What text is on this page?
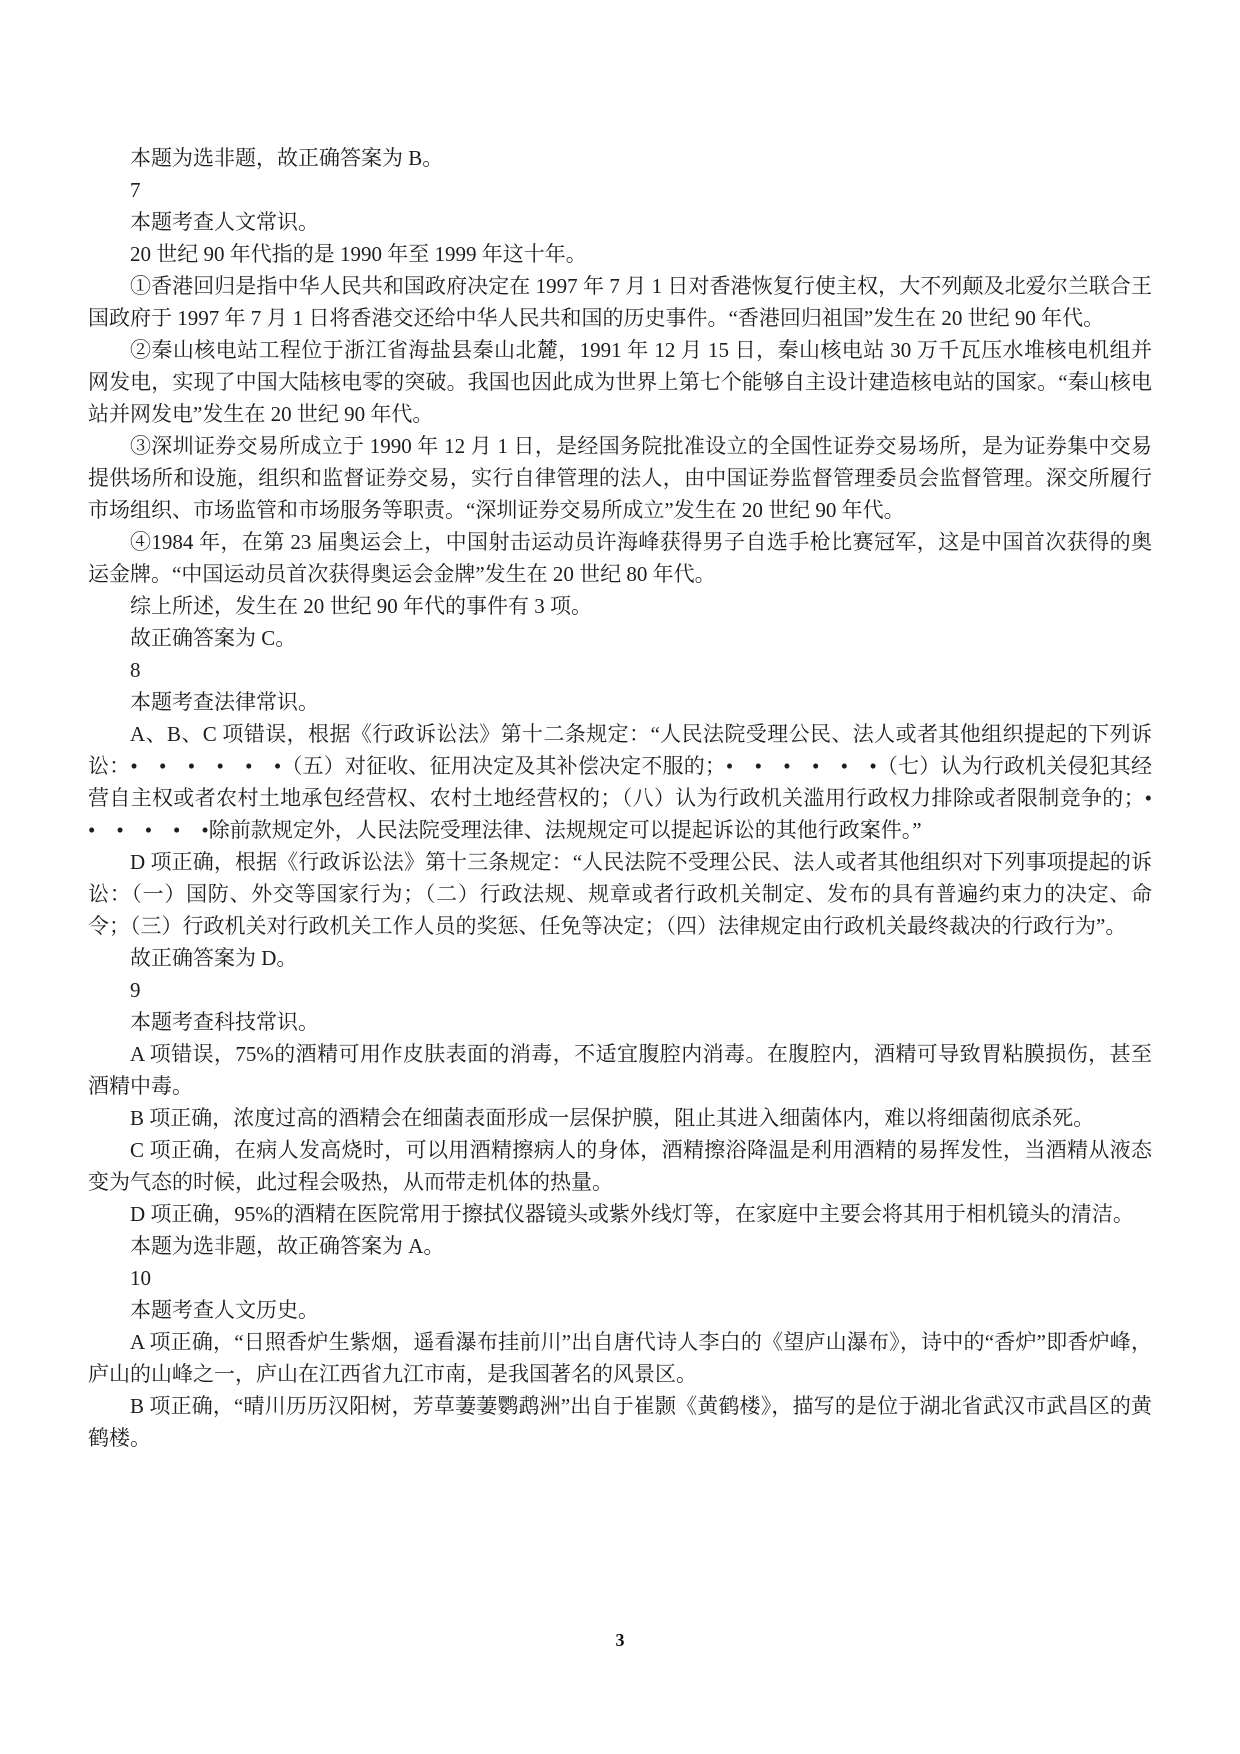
本题为选非题，故正确答案为 B。

7

本题考查人文常识。

20 世纪 90 年代指的是 1990 年至 1999 年这十年。

①香港回归是指中华人民共和国政府决定在 1997 年 7 月 1 日对香港恢复行使主权，大不列颠及北爱尔兰联合王国政府于 1997 年 7 月 1 日将香港交还给中华人民共和国的历史事件。“香港回归祖国”发生在 20 世纪 90 年代。

②秦山核电站工程位于浙江省海盐县秦山北麓，1991 年 12 月 15 日，秦山核电站 30 万千瓦压水堆核电机组并网发电，实现了中国大陆核电零的突破。我国也因此成为世界上第七个能够自主设计建造核电站的国家。“秦山核电站并网发电”发生在 20 世纪 90 年代。

③深圳证券交易所成立于 1990 年 12 月 1 日，是经国务院批准设立的全国性证券交易场所，是为证券集中交易提供场所和设施，组织和监督证券交易，实行自律管理的法人，由中国证券监督管理委员会监督管理。深交所履行市场组织、市场监管和市场服务等职责。“深圳证券交易所成立”发生在 20 世纪 90 年代。

④1984 年，在第 23 届奥运会上，中国射击运动员许海峰获得男子自选手枪比赛冠军，这是中国首次获得的奥运金牌。“中国运动员首次获得奥运会金牌”发生在 20 世纪 80 年代。

综上所述，发生在 20 世纪 90 年代的事件有 3 项。

故正确答案为 C。

8

本题考查法律常识。

A、B、C 项错误，根据《行政诉讼法》第十二条规定：“人民法院受理公民、法人或者其他组织提起的下列诉讼：•　•　•　•　•　•（五）对征收、征用决定及其补偿决定不服的；•　•　•　•　•　•（七）认为行政机关侵犯其经营自主权或者农村土地承包经营权、农村土地经营权的；（八）认为行政机关滥用行政权力排除或者限制竞争的；•　•　•　•　•　•除前款规定外，人民法院受理法律、法规规定可以提起诉讼的其他行政案件。”

D 项正确，根据《行政诉讼法》第十三条规定：“人民法院不受理公民、法人或者其他组织对下列事项提起的诉讼：（一）国防、外交等国家行为；（二）行政法规、规章或者行政机关制定、发布的具有普遍约束力的决定、命令；（三）行政机关对行政机关工作人员的奖惩、任免等决定；（四）法律规定由行政机关最终裁决的行政行为”。

故正确答案为 D。

9

本题考查科技常识。

A 项错误，75%的酒精可用作皮肤表面的消毒，不适宜腹腔内消毒。在腹腔内，酒精可导致胃粘膜损伤，甚至酒精中毒。

B 项正确，浓度过高的酒精会在细菌表面形成一层保护膜，阻止其进入细菌体内，难以将细菌彻底杀死。

C 项正确，在病人发高烧时，可以用酒精擦病人的身体，酒精擦浴降温是利用酒精的易挥发性，当酒精从液态变为气态的时候，此过程会吸热，从而带走机体的热量。

D 项正确，95%的酒精在医院常用于擦拭仪器镜头或紫外线灯等，在家庭中主要会将其用于相机镜头的清洁。

本题为选非题，故正确答案为 A。

10

本题考查人文历史。

A 项正确，“日照香炉生紫烟，遥看瀑布挂前川”出自唐代诗人李白的《望庐山瀑布》，诗中的“香炉”即香炉峰，庐山的山峰之一，庐山在江西省九江市南，是我国著名的风景区。

B 项正确，“晴川历历汉阳树，芳草萋萋鹦鹉洲”出自于崔颢《黄鹤楼》，描写的是位于湖北省武汉市武昌区的黄鹤楼。

3
